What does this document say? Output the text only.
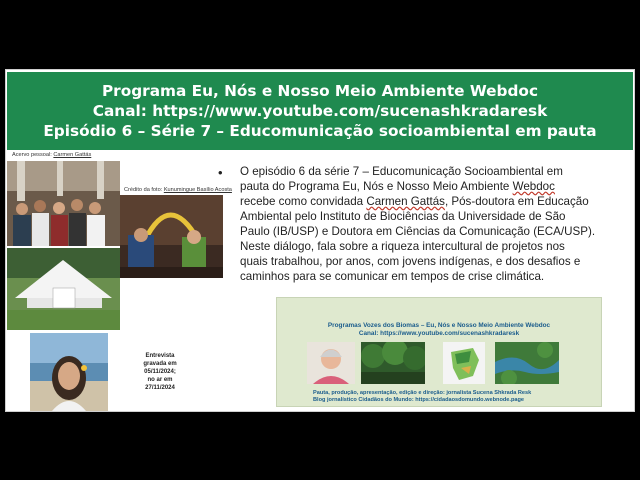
Programa Eu, Nós e Nosso Meio Ambiente Webdoc
Canal: https://www.youtube.com/sucenashkradaresk
Episódio 6 – Série 7 – Educomunicação socioambiental em pauta
Acervo pessoal: Carmen Gattás
Crédito da foto: Kunumingue Basílio Acosta
• O episódio 6 da série 7 – Educomunicação Socioambiental em
pauta do Programa Eu, Nós e Nosso Meio Ambiente Webdoc
recebe como convidada Carmen Gattás, Pós-doutora em Educação
Ambiental pelo Instituto de Biociências da Universidade de São
Paulo (IB/USP) e Doutora em Ciências da Comunicação (ECA/USP).
Neste diálogo, fala sobre a riqueza intercultural de projetos nos
quais trabalhou, por anos, com jovens indígenas, e dos desafios e
caminhos para se comunicar em tempos de crise climática.
Entrevista
gravada em
05/11/2024;
no ar em
27/11/2024
Programas Vozes dos Biomas – Eu, Nós e Nosso Meio Ambiente Webdoc
Canal: https://www.youtube.com/sucenashkradaresk
Pauta, produção, apresentação, edição e direção: jornalista Sucena Shkrada Resk
Blog jornalístico Cidadãos do Mundo: https://cidadaosdomundo.webnode.page
